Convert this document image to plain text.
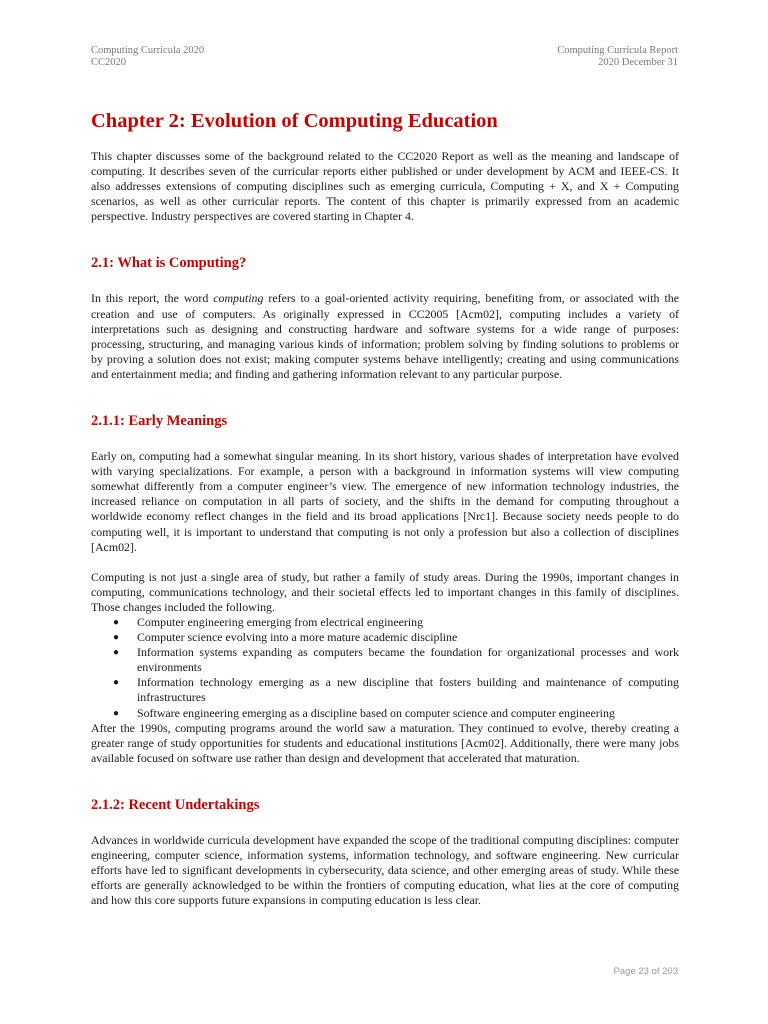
Computing Curricula 2020
CC2020
Computing Curricula Report
2020 December 31
Chapter 2: Evolution of Computing Education

This chapter discusses some of the background related to the CC2020 Report as well as the meaning and landscape of computing. It describes seven of the curricular reports either published or under development by ACM and IEEE-CS. It also addresses extensions of computing disciplines such as emerging curricula, Computing + X, and X + Computing scenarios, as well as other curricular reports. The content of this chapter is primarily expressed from an academic perspective. Industry perspectives are covered starting in Chapter 4.

2.1: What is Computing?

In this report, the word computing refers to a goal-oriented activity requiring, benefiting from, or associated with the creation and use of computers. As originally expressed in CC2005 [Acm02], computing includes a variety of interpretations such as designing and constructing hardware and software systems for a wide range of purposes: processing, structuring, and managing various kinds of information; problem solving by finding solutions to problems or by proving a solution does not exist; making computer systems behave intelligently; creating and using communications and entertainment media; and finding and gathering information relevant to any particular purpose.

2.1.1: Early Meanings

Early on, computing had a somewhat singular meaning. In its short history, various shades of interpretation have evolved with varying specializations. For example, a person with a background in information systems will view computing somewhat differently from a computer engineer’s view. The emergence of new information technology industries, the increased reliance on computation in all parts of society, and the shifts in the demand for computing throughout a worldwide economy reflect changes in the field and its broad applications [Nrc1]. Because society needs people to do computing well, it is important to understand that computing is not only a profession but also a collection of disciplines [Acm02].

Computing is not just a single area of study, but rather a family of study areas. During the 1990s, important changes in computing, communications technology, and their societal effects led to important changes in this family of disciplines. Those changes included the following.

● Computer engineering emerging from electrical engineering
● Computer science evolving into a more mature academic discipline
● Information systems expanding as computers became the foundation for organizational processes and work environments
● Information technology emerging as a new discipline that fosters building and maintenance of computing infrastructures
● Software engineering emerging as a discipline based on computer science and computer engineering

After the 1990s, computing programs around the world saw a maturation. They continued to evolve, thereby creating a greater range of study opportunities for students and educational institutions [Acm02]. Additionally, there were many jobs available focused on software use rather than design and development that accelerated that maturation.

2.1.2: Recent Undertakings

Advances in worldwide curricula development have expanded the scope of the traditional computing disciplines: computer engineering, computer science, information systems, information technology, and software engineering. New curricular efforts have led to significant developments in cybersecurity, data science, and other emerging areas of study. While these efforts are generally acknowledged to be within the frontiers of computing education, what lies at the core of computing and how this core supports future expansions in computing education is less clear.

Page 23 of 203
